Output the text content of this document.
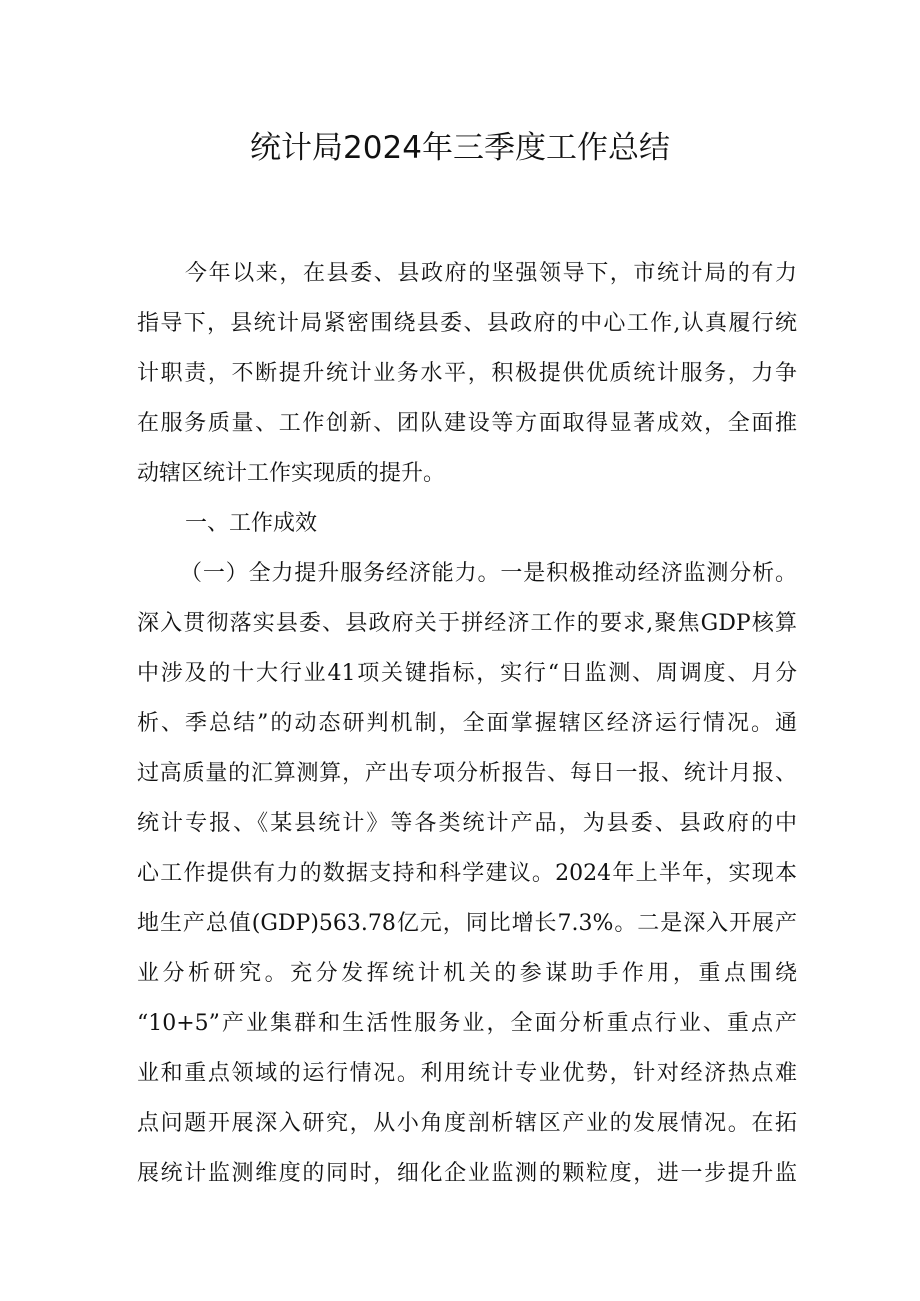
统计局2024年三季度工作总结
今年以来，在县委、县政府的坚强领导下，市统计局的有力
指导下，县统计局紧密围绕县委、县政府的中心工作,认真履行统
计职责，不断提升统计业务水平，积极提供优质统计服务，力争
在服务质量、工作创新、团队建设等方面取得显著成效，全面推
动辖区统计工作实现质的提升。
一、工作成效
（一）全力提升服务经济能力。一是积极推动经济监测分析。
深入贯彻落实县委、县政府关于拼经济工作的要求,聚焦GDP核算
中涉及的十大行业41项关键指标，实行“日监测、周调度、月分
析、季总结”的动态研判机制，全面掌握辖区经济运行情况。通
过高质量的汇算测算，产出专项分析报告、每日一报、统计月报、
统计专报、《某县统计》等各类统计产品，为县委、县政府的中
心工作提供有力的数据支持和科学建议。2024年上半年，实现本
地生产总值(GDP)563.78亿元，同比增长7.3%。二是深入开展产
业分析研究。充分发挥统计机关的参谋助手作用，重点围绕
“10+5”产业集群和生活性服务业，全面分析重点行业、重点产
业和重点领域的运行情况。利用统计专业优势，针对经济热点难
点问题开展深入研究，从小角度剖析辖区产业的发展情况。在拓
展统计监测维度的同时，细化企业监测的颗粒度，进一步提升监
